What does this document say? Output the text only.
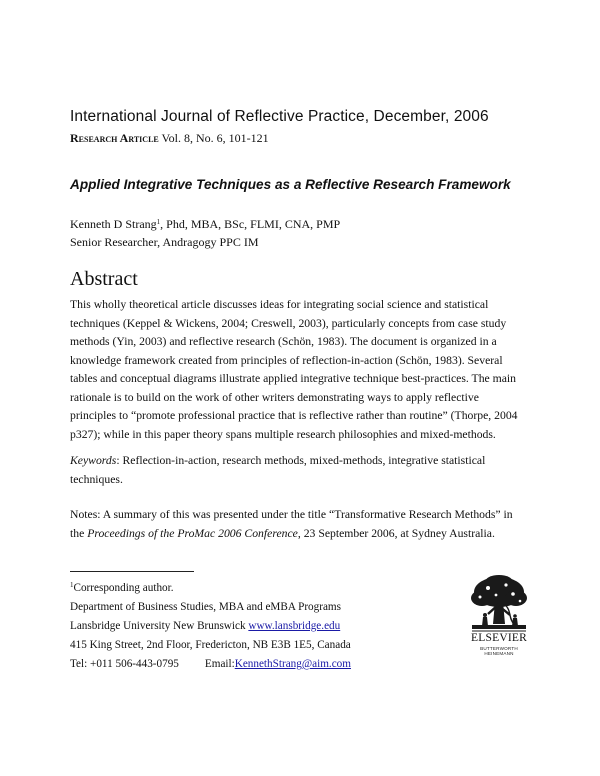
International Journal of Reflective Practice, December, 2006
Research Article Vol. 8, No. 6, 101-121
Applied Integrative Techniques as a Reflective Research Framework
Kenneth D Strang$^1$, Phd, MBA, BSc, FLMI, CNA, PMP
Senior Researcher, Andragogy PPC IM
Abstract
This wholly theoretical article discusses ideas for integrating social science and statistical
techniques (Keppel & Wickens, 2004; Creswell, 2003), particularly concepts from case study
methods (Yin, 2003) and reflective research (Schön, 1983). The document is organized in a
knowledge framework created from principles of reflection-in-action (Schön, 1983). Several
tables and conceptual diagrams illustrate applied integrative technique best-practices. The main
rationale is to build on the work of other writers demonstrating ways to apply reflective
principles to “promote professional practice that is reflective rather than routine” (Thorpe, 2004
p327); while in this paper theory spans multiple research philosophies and mixed-methods.
Keywords: Reflection-in-action, research methods, mixed-methods, integrative statistical
techniques.
Notes: A summary of this was presented under the title “Transformative Research Methods” in
the Proceedings of the ProMac 2006 Conference, 23 September 2006, at Sydney Australia.
$^1$Corresponding author.
Department of Business Studies, MBA and eMBA Programs
Lansbridge University New Brunswick www.lansbridge.edu
415 King Street, 2nd Floor, Fredericton, NB E3B 1E5, Canada
Tel: +011 506-443-0795 Email:KennethStrang@aim.com
ELSEVIER
BUTTERWORTH
HEINEMANN
